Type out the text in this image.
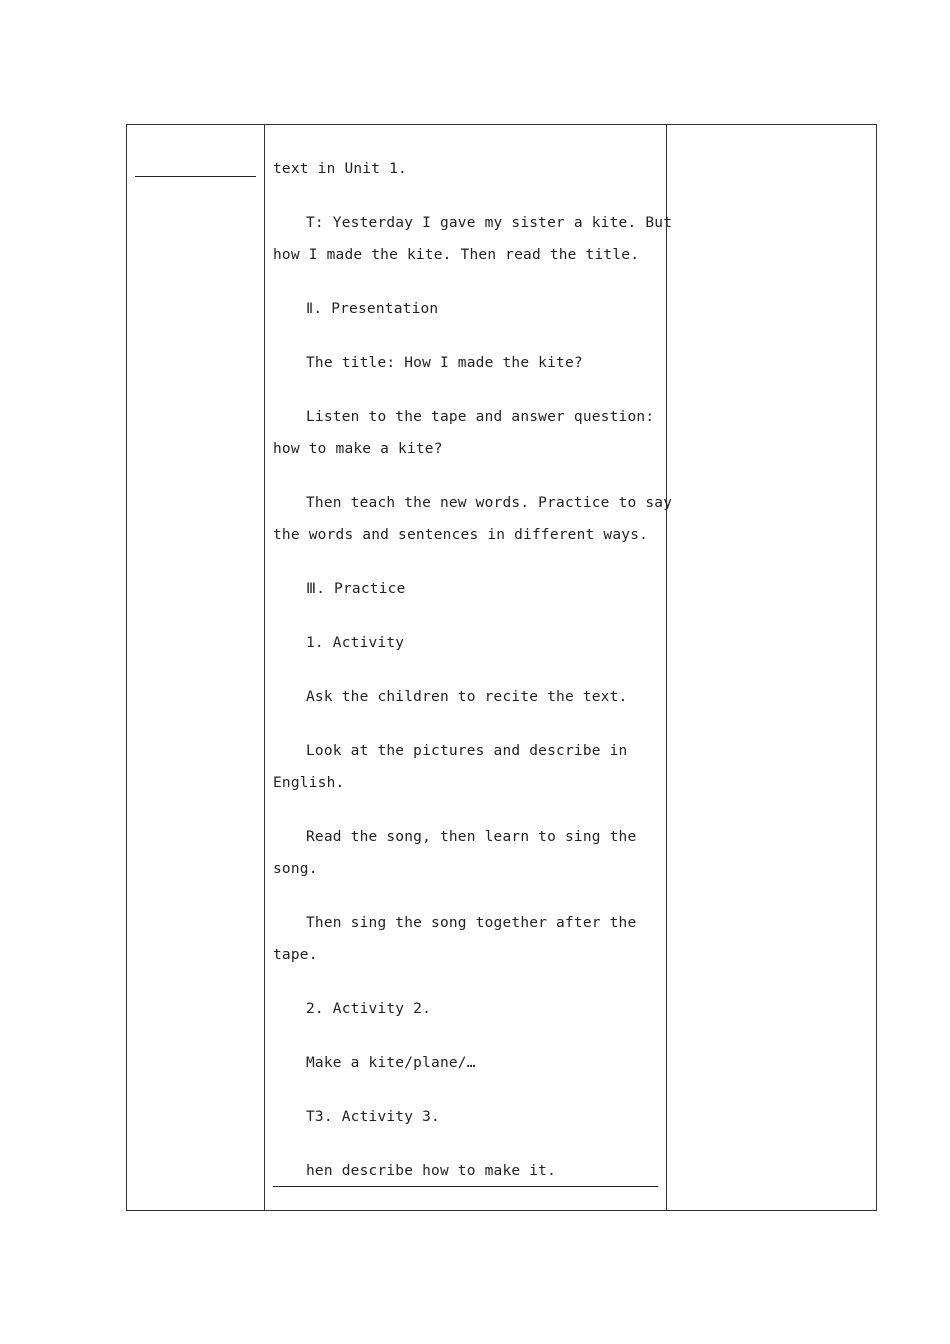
text in Unit 1.

T: Yesterday I gave my sister a kite. But
how I made the kite. Then read the title.

Ⅱ. Presentation

The title: How I made the kite?

Listen to the tape and answer question:
how to make a kite?

Then teach the new words. Practice to say
the words and sentences in different ways.

Ⅲ. Practice

1. Activity

Ask the children to recite the text.

Look at the pictures and describe in
English.

Read the song, then learn to sing the
song.

Then sing the song together after the
tape.

2. Activity 2.

Make a kite/plane/…

T3. Activity 3.

hen describe how to make it.
